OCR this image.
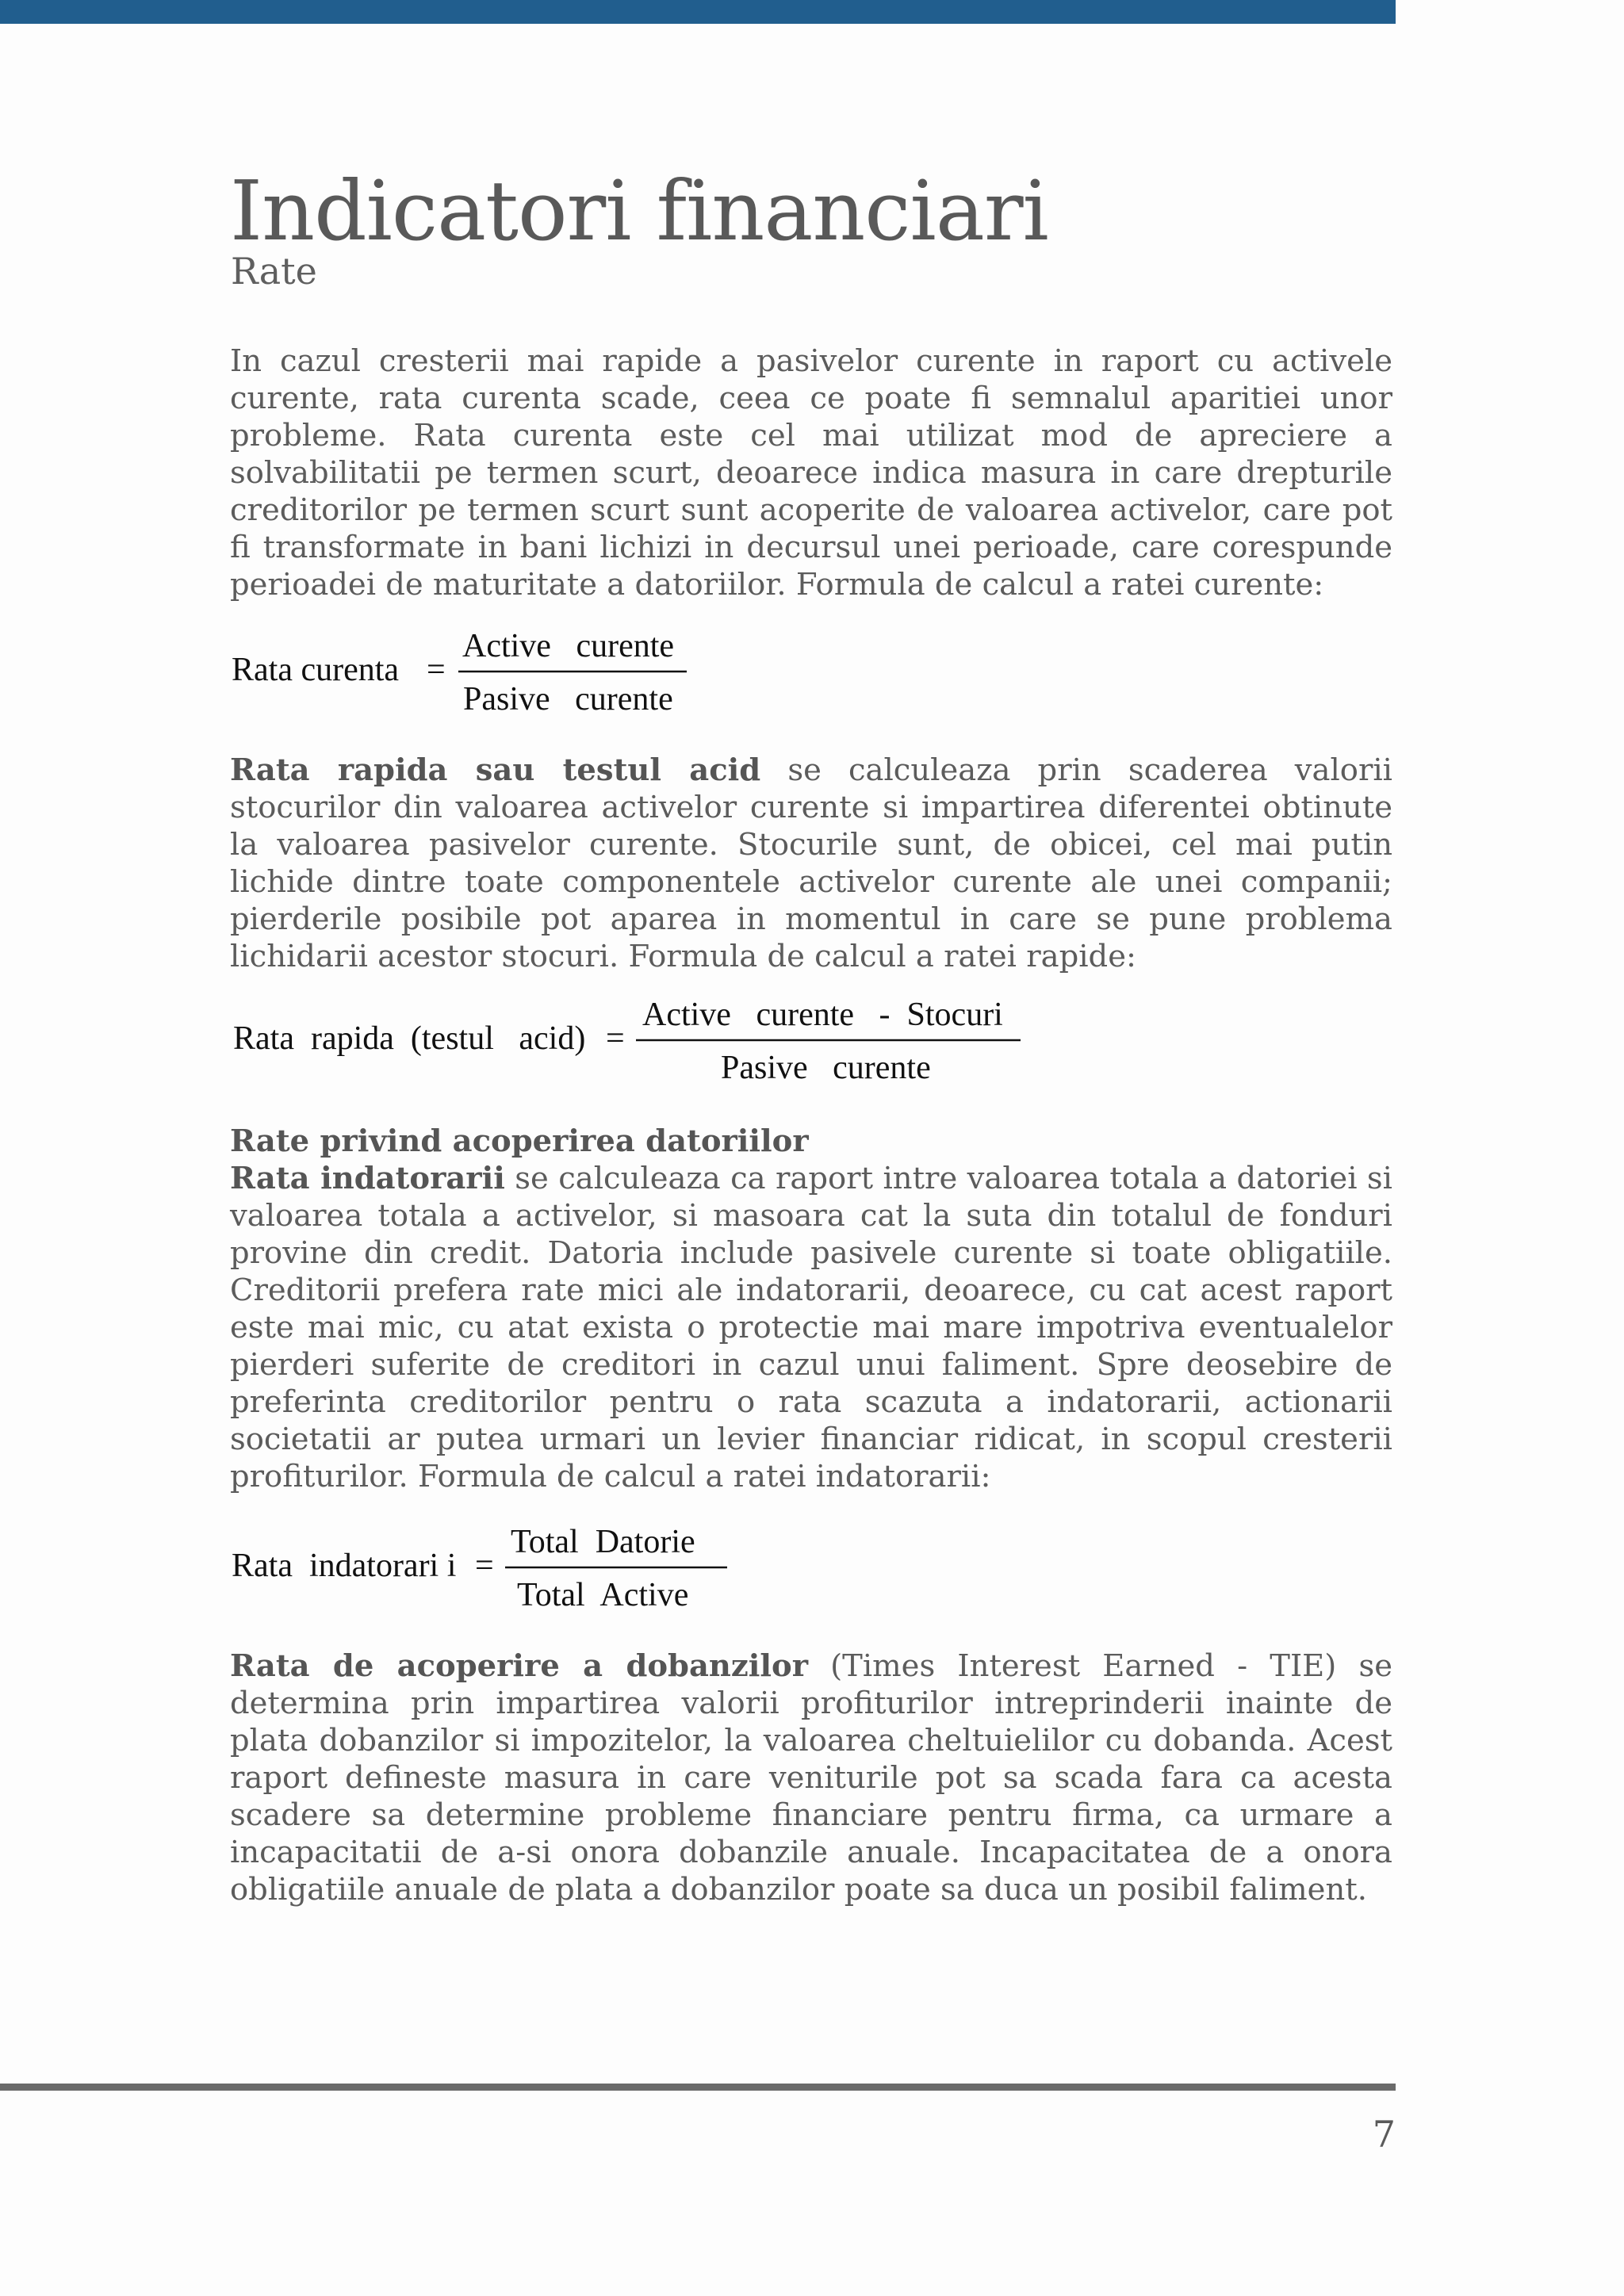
Indicatori financiari
Rate
In cazul cresterii mai rapide a pasivelor curente in raport cu activele curente, rata curenta scade, ceea ce poate fi semnalul aparitiei unor probleme. Rata curenta este cel mai utilizat mod de apreciere a solvabilitatii pe termen scurt, deoarece indica masura in care drepturile creditorilor pe termen scurt sunt acoperite de valoarea activelor, care pot fi transformate in bani lichizi in decursul unei perioade, care corespunde perioadei de maturitate a datoriilor. Formula de calcul a ratei curente:
Rata curenta =
Active   curente
Pasive   curente
Rata rapida sau testul acid se calculeaza prin scaderea valorii stocurilor din valoarea activelor curente si impartirea diferentei obtinute la valoarea pasivelor curente. Stocurile sunt, de obicei, cel mai putin lichide dintre toate componentele activelor curente ale unei companii; pierderile posibile pot aparea in momentul in care se pune problema lichidarii acestor stocuri. Formula de calcul a ratei rapide:
Rata  rapida  (testul   acid) =
Active   curente   -  Stocuri
Pasive   curente
Rate privind acoperirea datoriilor
Rata indatorarii se calculeaza ca raport intre valoarea totala a datoriei si valoarea totala a activelor, si masoara cat la suta din totalul de fonduri provine din credit. Datoria include pasivele curente si toate obligatiile. Creditorii prefera rate mici ale indatorarii, deoarece, cu cat acest raport este mai mic, cu atat exista o protectie mai mare impotriva eventualelor pierderi suferite de creditori in cazul unui faliment. Spre deosebire de preferinta creditorilor pentru o rata scazuta a indatorarii, actionarii societatii ar putea urmari un levier financiar ridicat, in scopul cresterii profiturilor. Formula de calcul a ratei indatorarii:
Rata  indatorari i =
Total  Datorie
Total  Active
Rata de acoperire a dobanzilor (Times Interest Earned - TIE) se determina prin impartirea valorii profiturilor intreprinderii inainte de plata dobanzilor si impozitelor, la valoarea cheltuielilor cu dobanda. Acest raport defineste masura in care veniturile pot sa scada fara ca acesta scadere sa determine probleme financiare pentru firma, ca urmare a incapacitatii de a-si onora dobanzile anuale. Incapacitatea de a onora obligatiile anuale de plata a dobanzilor poate sa duca un posibil faliment.
7
